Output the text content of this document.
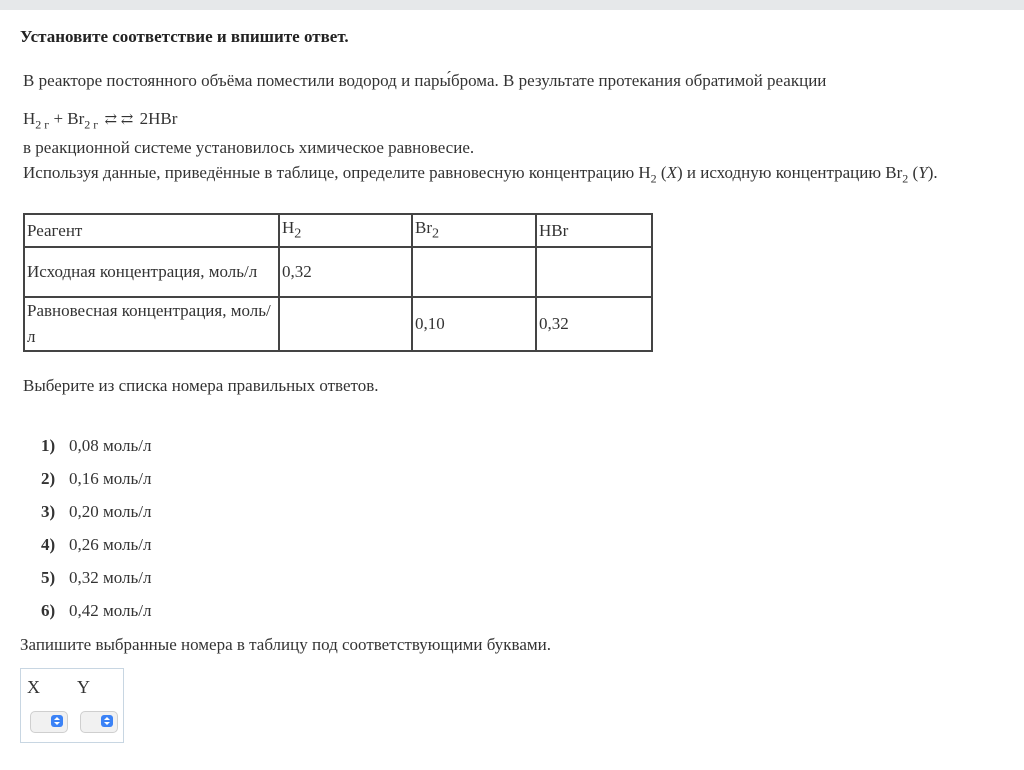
Установите соответствие и впишите ответ.
В реакторе постоянного объёма поместили водород и пары́брома. В результате протекания обратимой реакции
$H_{2 г} + Br_{2 г}$ ⇄ ⇄ 2HBr
в реакционной системе установилось химическое равновесие.
Используя данные, приведённые в таблице, определите равновесную концентрацию $H_2$ (X) и исходную концентрацию $Br_2$ (Y).
Реагент	$H_2$	$Br_2$	HBr
Исходная концентрация, моль/л	0,32		
Равновесная концентрация, моль/л		0,10	0,32
Выберите из списка номера правильных ответов.
1) 0,08 моль/л
2) 0,16 моль/л
3) 0,20 моль/л
4) 0,26 моль/л
5) 0,32 моль/л
6) 0,42 моль/л
Запишите выбранные номера в таблицу под соответствующими буквами.
X Y
